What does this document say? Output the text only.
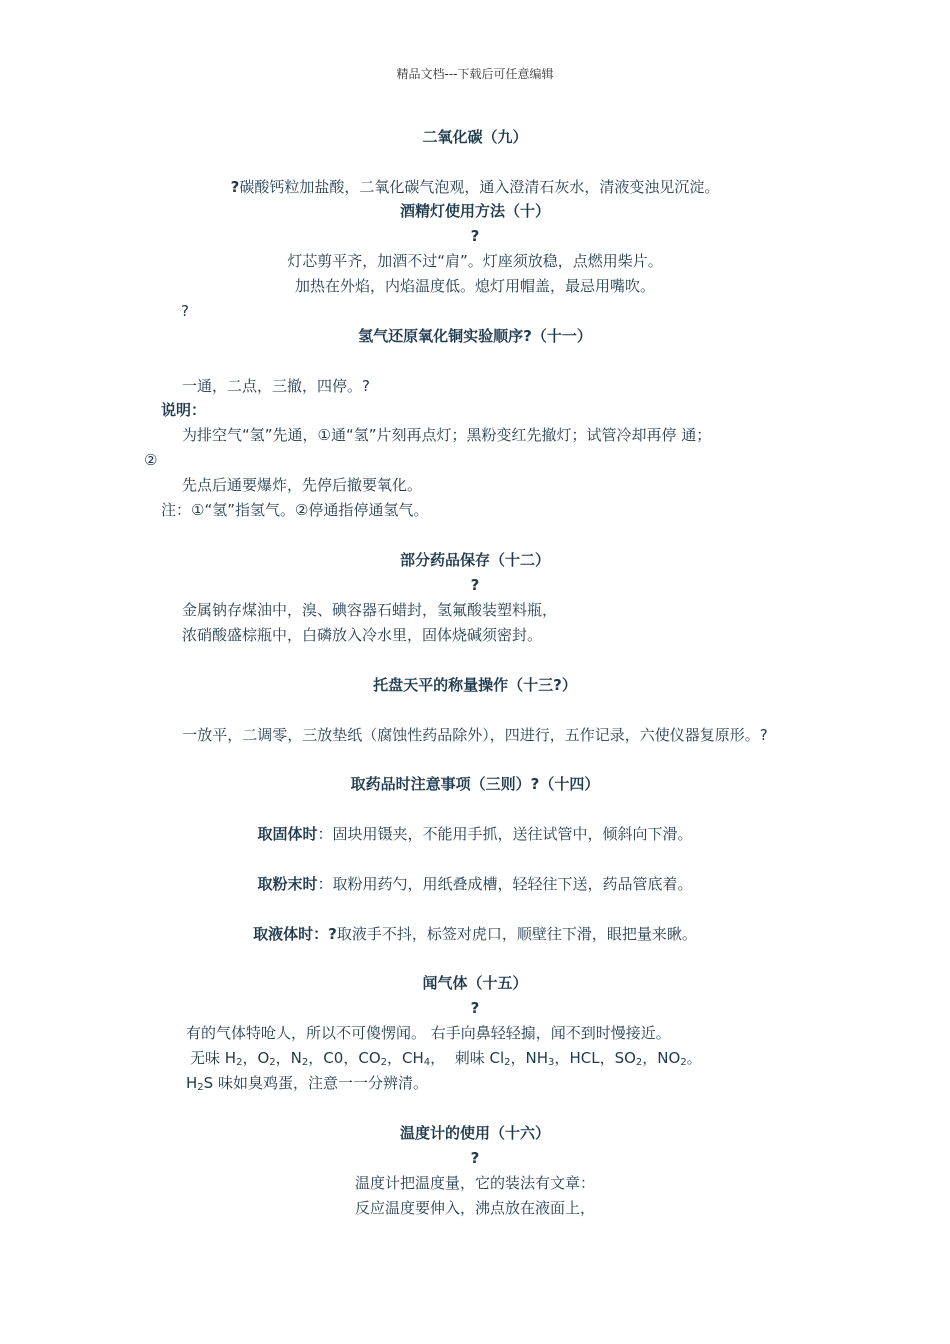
精品文档---下载后可任意编辑
二氧化碳（九）
?碳酸钙粒加盐酸，二氧化碳气泡观，通入澄清石灰水，清液变浊见沉淀。
酒精灯使用方法（十）
?
灯芯剪平齐，加酒不过“肩”。灯座须放稳，点燃用柴片。
加热在外焰，内焰温度低。熄灯用帽盖，最忌用嘴吹。
?
氢气还原氧化铜实验顺序?（十一）
一通，二点，三撤，四停。?
说明：
为排空气“氢”先通，①通“氢”片刻再点灯；黑粉变红先撤灯；试管冷却再停 通；
②
先点后通要爆炸，先停后撤要氧化。
注：①“氢”指氢气。②停通指停通氢气。
部分药品保存（十二）
?
金属钠存煤油中，溴、碘容器石蜡封，氢氟酸装塑料瓶，
浓硝酸盛棕瓶中，白磷放入冷水里，固体烧碱须密封。
托盘天平的称量操作（十三?）
一放平，二调零，三放垫纸（腐蚀性药品除外），四进行，五作记录，六使仪器复原形。?
取药品时注意事项（三则）?（十四）
取固体时：固块用镊夹，不能用手抓，送往试管中，倾斜向下滑。
取粉末时：取粉用药勺，用纸叠成槽，轻轻往下送，药品管底着。
取液体时：?取液手不抖，标签对虎口，顺壁往下滑，眼把量来瞅。
闻气体（十五）
?
有的气体特呛人，所以不可傻愣闻。 右手向鼻轻轻搧，闻不到时慢接近。
无味 $H_2$，$O_2$，$N_2$，C0，$CO_2$，$CH_4$， 刺味 $Cl_2$，$NH_3$，HCL，$SO_2$，$NO_2$。
$H_2S$ 味如臭鸡蛋，注意一一分辨清。
温度计的使用（十六）
?
温度计把温度量，它的装法有文章：
反应温度要伸入，沸点放在液面上，
